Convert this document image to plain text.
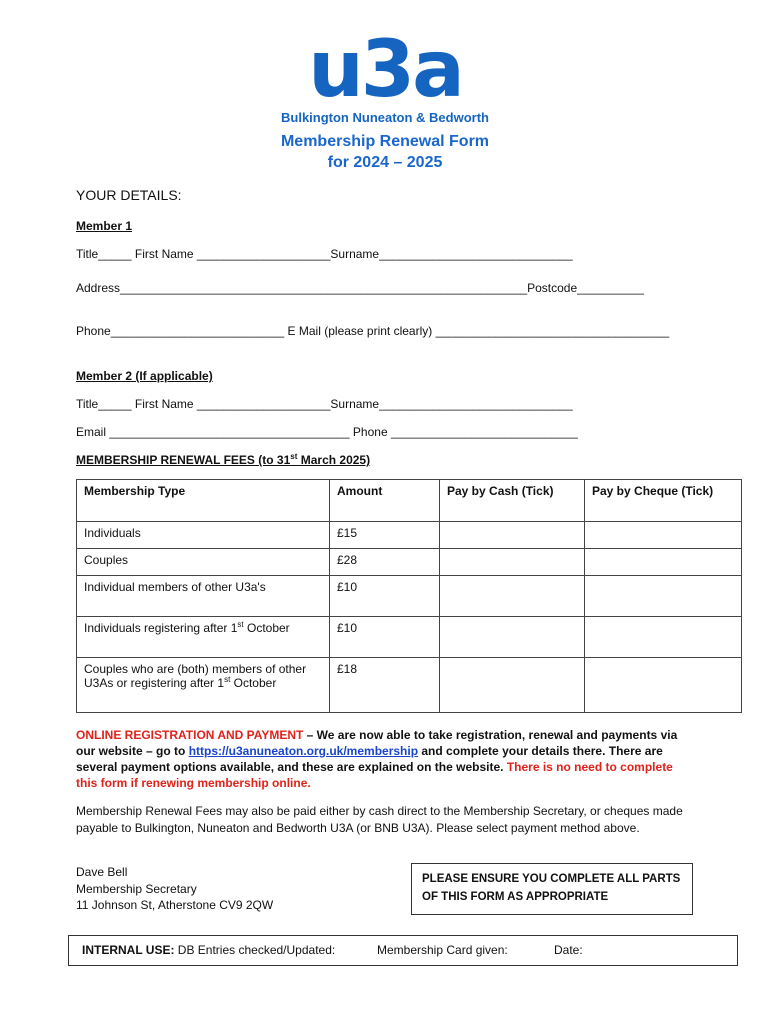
u3a
Bulkington Nuneaton & Bedworth
Membership Renewal Form
for 2024 – 2025
YOUR DETAILS:
Member 1
Title_____ First Name ____________________Surname_____________________________
Address_____________________________________________________________Postcode__________
Phone__________________________ E Mail (please print clearly) ___________________________________
Member 2 (If applicable)
Title_____ First Name ____________________Surname_____________________________
Email ____________________________________ Phone ____________________________
MEMBERSHIP RENEWAL FEES (to 31st March 2025)
Membership Type	Amount	Pay by Cash (Tick)	Pay by Cheque (Tick)
Individuals	£15		
Couples	£28		
Individual members of other U3a's	£10		
Individuals registering after 1st October	£10		
Couples who are (both) members of other U3As or registering after 1st October	£18		
ONLINE REGISTRATION AND PAYMENT – We are now able to take registration, renewal and payments via our website – go to https://u3anuneaton.org.uk/membership and complete your details there. There are several payment options available, and these are explained on the website. There is no need to complete this form if renewing membership online.
Membership Renewal Fees may also be paid either by cash direct to the Membership Secretary, or cheques made payable to Bulkington, Nuneaton and Bedworth U3A (or BNB U3A). Please select payment method above.
Dave Bell
Membership Secretary
11 Johnson St, Atherstone CV9 2QW
PLEASE ENSURE YOU COMPLETE ALL PARTS
OF THIS FORM AS APPROPRIATE
INTERNAL USE: DB Entries checked/Updated:	Membership Card given:	Date:
